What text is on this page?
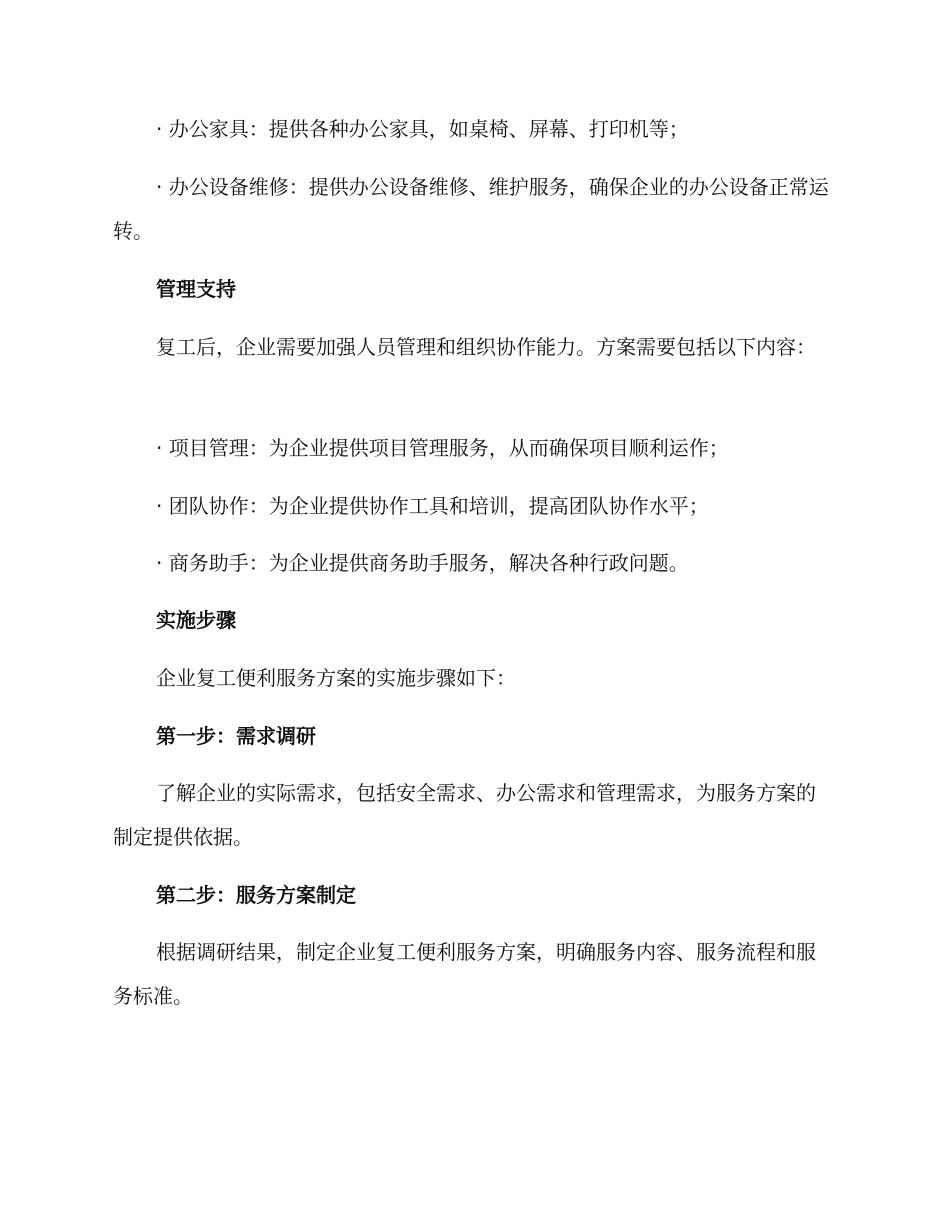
· 办公家具：提供各种办公家具，如桌椅、屏幕、打印机等；

· 办公设备维修：提供办公设备维修、维护服务，确保企业的办公设备正常运转。

管理支持

复工后，企业需要加强人员管理和组织协作能力。方案需要包括以下内容：

· 项目管理：为企业提供项目管理服务，从而确保项目顺利运作；

· 团队协作：为企业提供协作工具和培训，提高团队协作水平；

· 商务助手：为企业提供商务助手服务，解决各种行政问题。

实施步骤

企业复工便利服务方案的实施步骤如下：

第一步：需求调研

了解企业的实际需求，包括安全需求、办公需求和管理需求，为服务方案的制定提供依据。

第二步：服务方案制定

根据调研结果，制定企业复工便利服务方案，明确服务内容、服务流程和服务标准。
